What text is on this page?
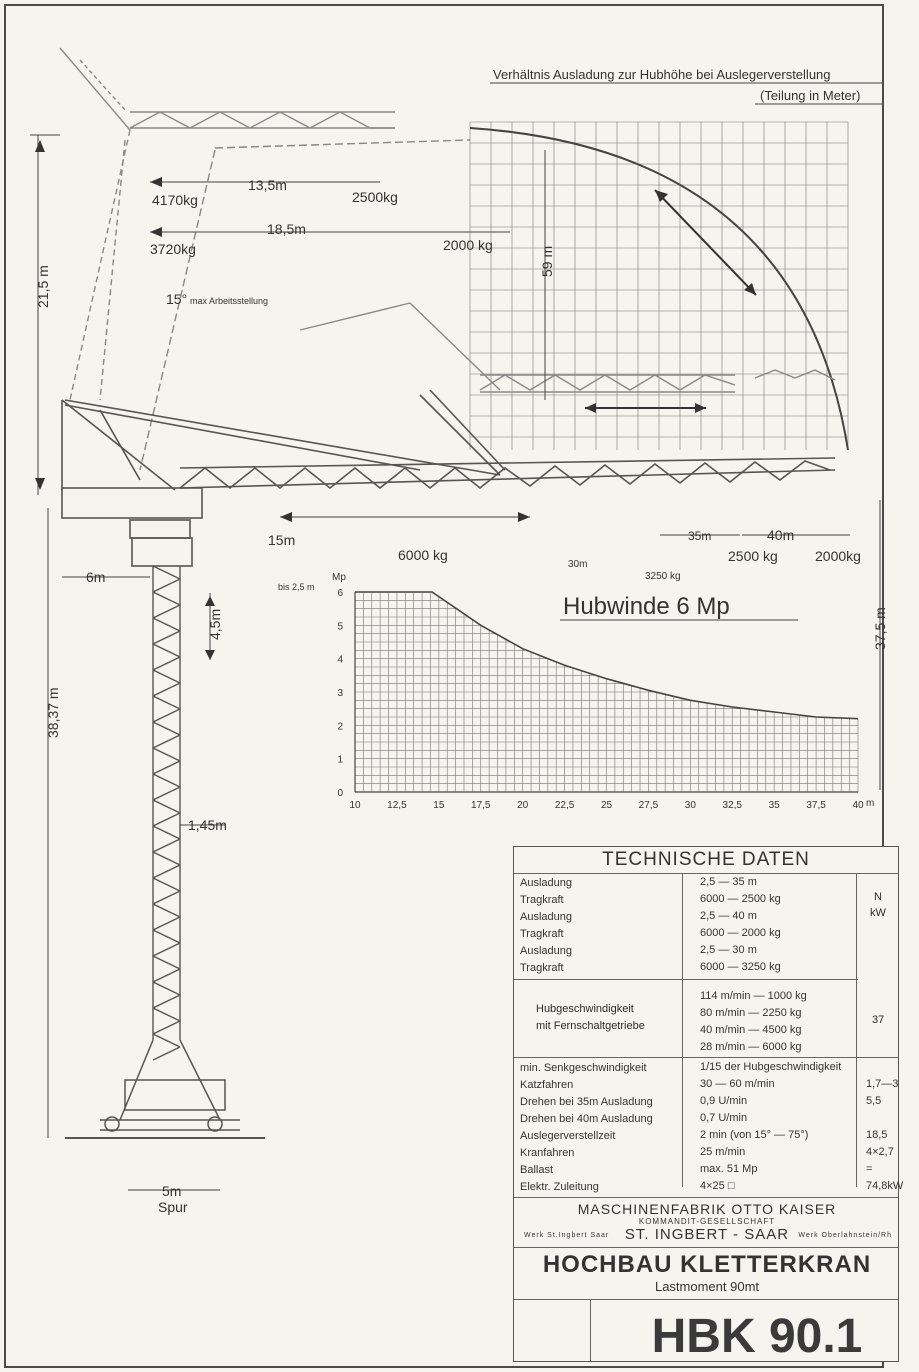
Verhältnis Ausladung zur Hubhöhe bei Auslegerverstellung
(Teilung in Meter)
21,5 m
38,37 m
59 m
37,5 m
4,5m
13,5m
4170kg	2500kg
18,5m
3720kg	2000 kg
15° max Arbeitsstellung
15m
6000 kg
35m	40m
2500 kg	2000kg
30m
3250 kg
6m
1,45m
5m
Spur
10	12,5	15	17,5	20	22,5	25	27,5	30	32,5	35	37,5	40
0
1
2
3
4
5
6	Hubwinde 6 Mp
bis 2,5 m
Mp
m
TECHNISCHE DATEN
Ausladung	2,5 — 35 m
Tragkraft	6000 — 2500 kg
Ausladung	2,5 — 40 m
Tragkraft	6000 — 2000 kg
Ausladung	2,5 — 30 m
Tragkraft	6000 — 3250 kg
N
kW
Hubgeschwindigkeit
mit Fernschaltgetriebe
114 m/min — 1000 kg
80 m/min — 2250 kg
40 m/min — 4500 kg
28 m/min — 6000 kg
37
min. Senkgeschwindigkeit	1/15 der Hubgeschwindigkeit
Katzfahren	30 — 60 m/min	1,7—3
Drehen bei 35m Ausladung	0,9 U/min	5,5
Drehen bei 40m Ausladung	0,7 U/min
Auslegerverstellzeit	2 min (von 15° — 75°)	18,5
Kranfahren	25 m/min	4×2,7
Ballast	max. 51 Mp	=
Elektr. Zuleitung	4×25 □	74,8kW
MASCHINENFABRIK OTTO KAISER
KOMMANDIT-GESELLSCHAFT
Werk St.Ingbert Saar ST. INGBERT - SAAR Werk Oberlahnstein/Rh
HOCHBAU KLETTERKRAN
Lastmoment 90mt
HBK 90.1
